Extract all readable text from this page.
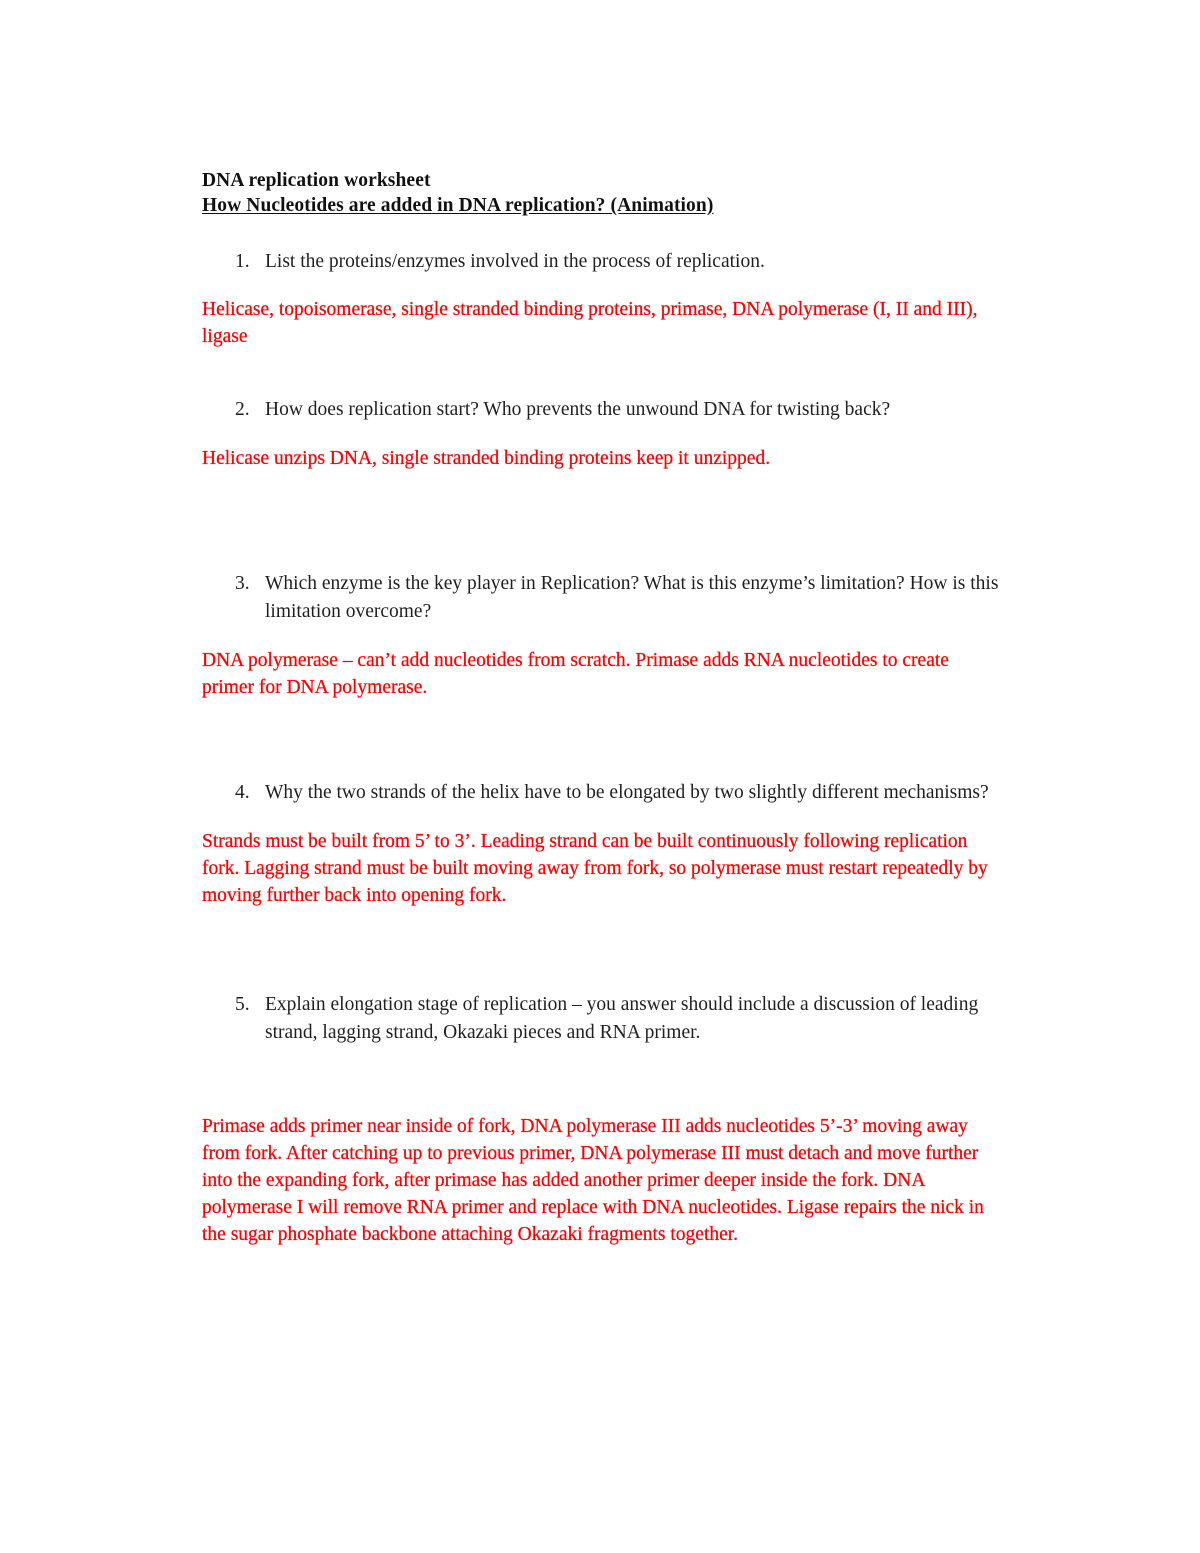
DNA replication worksheet
How Nucleotides are added in DNA replication? (Animation)
1. List the proteins/enzymes involved in the process of replication.
Helicase, topoisomerase, single stranded binding proteins, primase, DNA polymerase (I, II and III), ligase
2. How does replication start? Who prevents the unwound DNA for twisting back?
Helicase unzips DNA, single stranded binding proteins keep it unzipped.
3. Which enzyme is the key player in Replication? What is this enzyme’s limitation? How is this limitation overcome?
DNA polymerase – can’t add nucleotides from scratch. Primase adds RNA nucleotides to create primer for DNA polymerase.
4. Why the two strands of the helix have to be elongated by two slightly different mechanisms?
Strands must be built from 5’ to 3’. Leading strand can be built continuously following replication fork. Lagging strand must be built moving away from fork, so polymerase must restart repeatedly by moving further back into opening fork.
5. Explain elongation stage of replication – you answer should include a discussion of leading strand, lagging strand, Okazaki pieces and RNA primer.
Primase adds primer near inside of fork, DNA polymerase III adds nucleotides 5’-3’ moving away from fork. After catching up to previous primer, DNA polymerase III must detach and move further into the expanding fork, after primase has added another primer deeper inside the fork. DNA polymerase I will remove RNA primer and replace with DNA nucleotides. Ligase repairs the nick in the sugar phosphate backbone attaching Okazaki fragments together.
